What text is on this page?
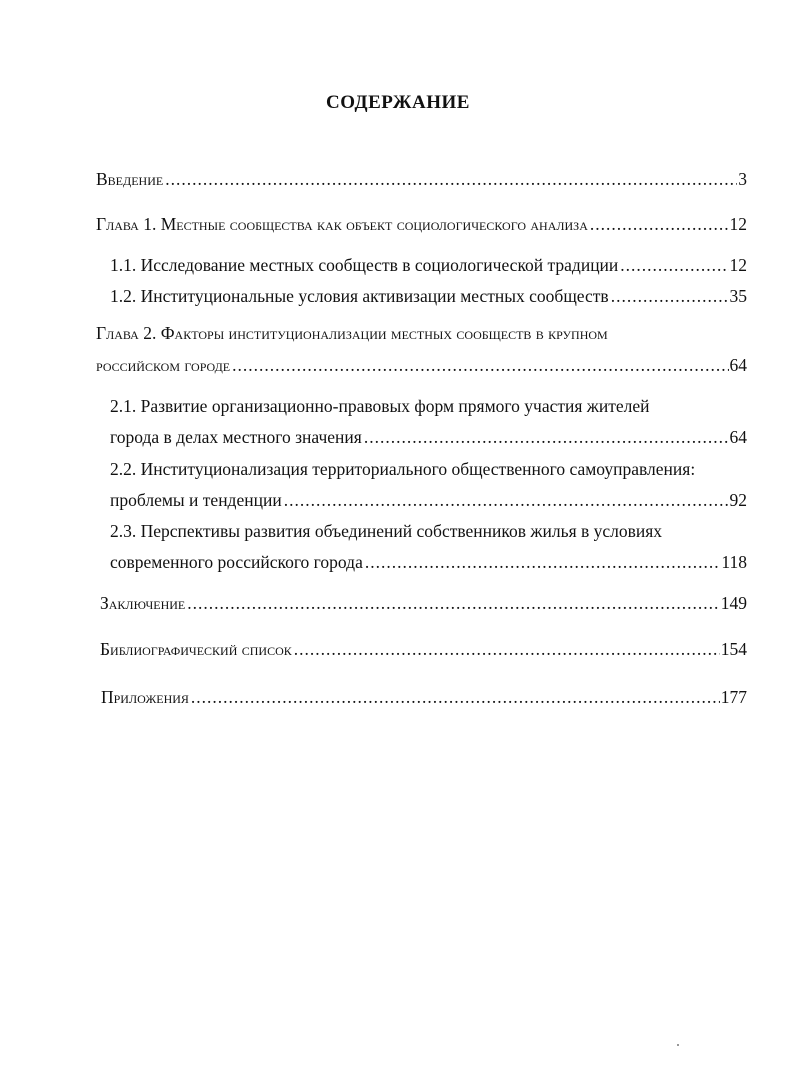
СОДЕРЖАНИЕ
Введение .....	3
Глава 1. Местные сообщества как объект социологического анализа .....	12
1.1. Исследование местных сообществ в социологической традиции .....	12
1.2. Институциональные условия активизации местных сообществ .....	35
Глава 2. Факторы институционализации местных сообществ в крупном
российском городе .....	64
2.1. Развитие организационно-правовых форм прямого участия жителей
города в делах местного значения .....	64
2.2. Институционализация территориального общественного самоуправления:
проблемы и тенденции .....	92
2.3. Перспективы развития объединений собственников жилья в условиях
современного российского города .....	118
Заключение .....	149
Библиографический список .....	154
Приложения .....	177
